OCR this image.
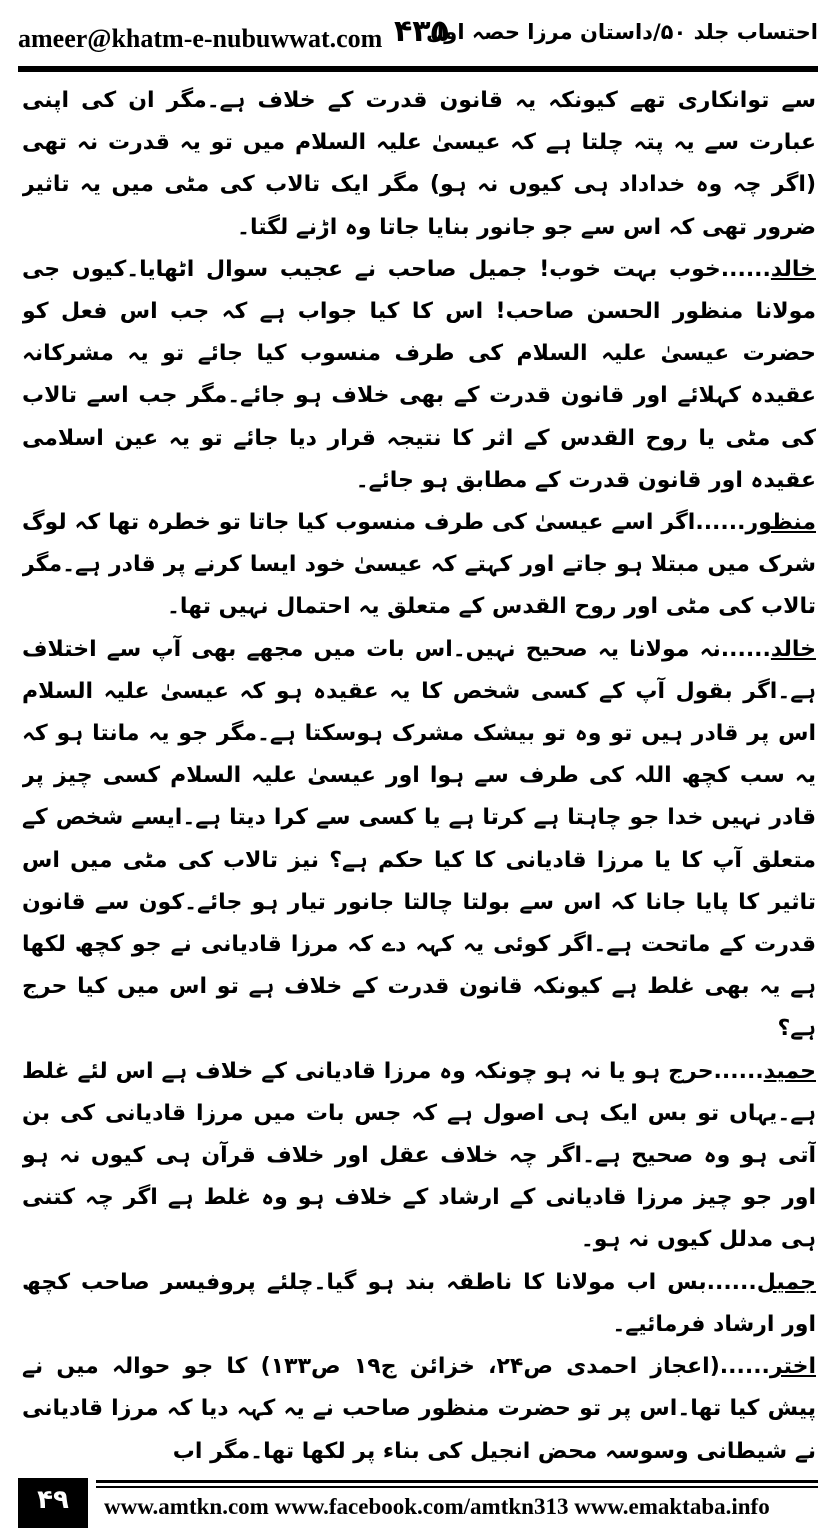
ameer@khatm-e-nubuwwat.com ۴۳۵
احتساب جلد ۵۰/داستان مرزا حصہ اول

سے توانکاری تھے کیونکہ یہ قانون قدرت کے خلاف ہے۔مگر ان کی اپنی عبارت سے یہ پتہ چلتا ہے کہ عیسیٰ علیہ السلام میں تو یہ قدرت نہ تھی (اگر چہ وہ خداداد ہی کیوں نہ ہو) مگر ایک تالاب کی مٹی میں یہ تاثیر ضرور تھی کہ اس سے جو جانور بنایا جاتا وہ اڑنے لگتا۔

خالد......خوب بہت خوب! جمیل صاحب نے عجیب سوال اٹھایا۔کیوں جی مولانا منظور الحسن صاحب! اس کا کیا جواب ہے کہ جب اس فعل کو حضرت عیسیٰ علیہ السلام کی طرف منسوب کیا جائے تو یہ مشرکانہ عقیدہ کہلائے اور قانون قدرت کے بھی خلاف ہو جائے۔مگر جب اسے تالاب کی مٹی یا روح القدس کے اثر کا نتیجہ قرار دیا جائے تو یہ عین اسلامی عقیدہ اور قانون قدرت کے مطابق ہو جائے۔

منظور......اگر اسے عیسیٰ کی طرف منسوب کیا جاتا تو خطرہ تھا کہ لوگ شرک میں مبتلا ہو جاتے اور کہتے کہ عیسیٰ خود ایسا کرنے پر قادر ہے۔مگر تالاب کی مٹی اور روح القدس کے متعلق یہ احتمال نہیں تھا۔

خالد......نہ مولانا یہ صحیح نہیں۔اس بات میں مجھے بھی آپ سے اختلاف ہے۔اگر بقول آپ کے کسی شخص کا یہ عقیدہ ہو کہ عیسیٰ علیہ السلام اس پر قادر ہیں تو وہ تو بیشک مشرک ہوسکتا ہے۔مگر جو یہ مانتا ہو کہ یہ سب کچھ اللہ کی طرف سے ہوا اور عیسیٰ علیہ السلام کسی چیز پر قادر نہیں خدا جو چاہتا ہے کرتا ہے یا کسی سے کرا دیتا ہے۔ایسے شخص کے متعلق آپ کا یا مرزا قادیانی کا کیا حکم ہے؟ نیز تالاب کی مٹی میں اس تاثیر کا پایا جانا کہ اس سے بولتا چالتا جانور تیار ہو جائے۔کون سے قانون قدرت کے ماتحت ہے۔اگر کوئی یہ کہہ دے کہ مرزا قادیانی نے جو کچھ لکھا ہے یہ بھی غلط ہے کیونکہ قانون قدرت کے خلاف ہے تو اس میں کیا حرج ہے؟

حمید......حرج ہو یا نہ ہو چونکہ وہ مرزا قادیانی کے خلاف ہے اس لئے غلط ہے۔یہاں تو بس ایک ہی اصول ہے کہ جس بات میں مرزا قادیانی کی بن آتی ہو وہ صحیح ہے۔اگر چہ خلاف عقل اور خلاف قرآن ہی کیوں نہ ہو اور جو چیز مرزا قادیانی کے ارشاد کے خلاف ہو وہ غلط ہے اگر چہ کتنی ہی مدلل کیوں نہ ہو۔

جمیل......بس اب مولانا کا ناطقہ بند ہو گیا۔چلئے پروفیسر صاحب کچھ اور ارشاد فرمائیے۔

اختر......(اعجاز احمدی ص۲۴، خزائن ج۱۹ ص۱۳۳) کا جو حوالہ میں نے پیش کیا تھا۔اس پر تو حضرت منظور صاحب نے یہ کہہ دیا کہ مرزا قادیانی نے شیطانی وسوسہ محض انجیل کی بناء پر لکھا تھا۔مگر اب

۴۹	www.amtkn.com www.facebook.com/amtkn313 www.emaktaba.info
